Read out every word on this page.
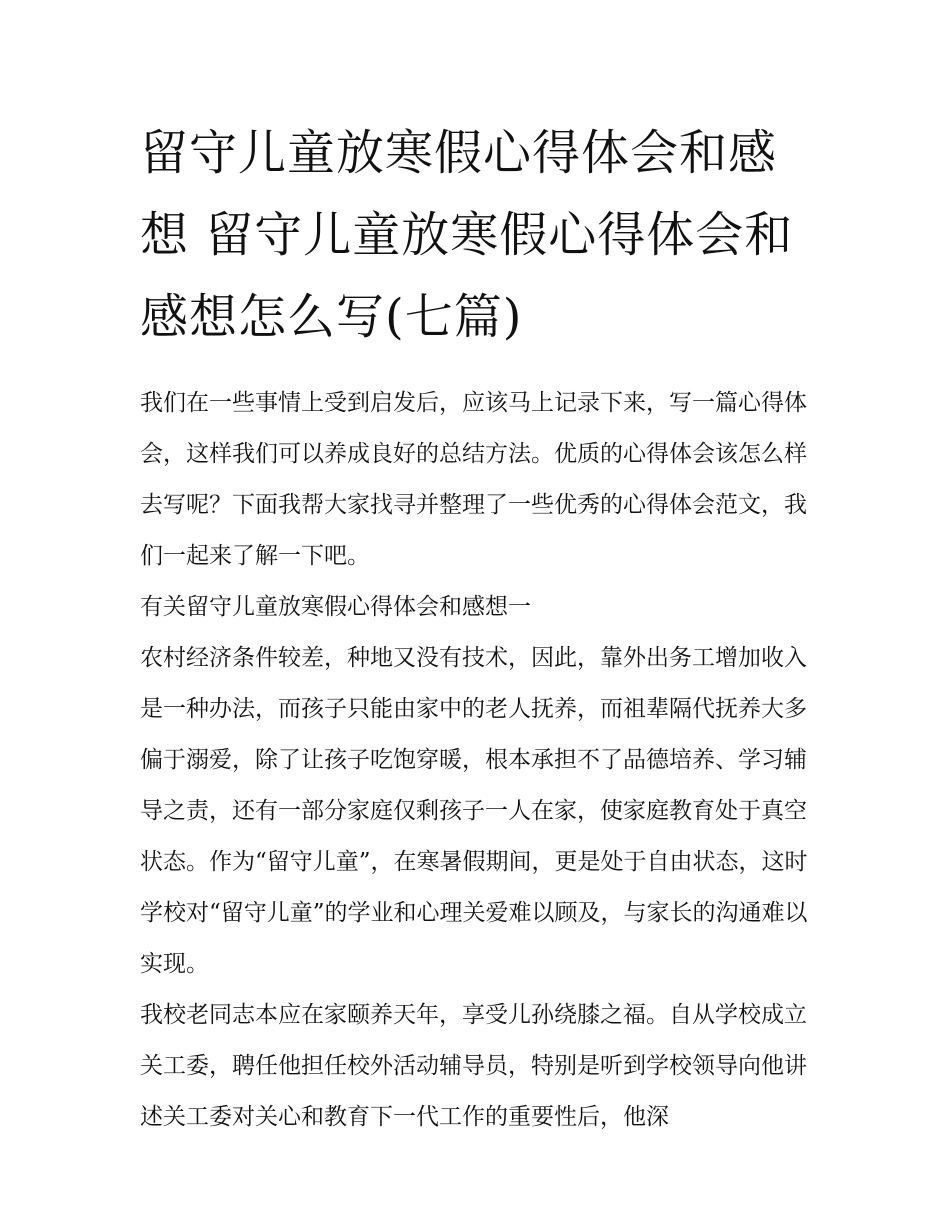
留守儿童放寒假心得体会和感想 留守儿童放寒假心得体会和感想怎么写(七篇)

我们在一些事情上受到启发后，应该马上记录下来，写一篇心得体会，这样我们可以养成良好的总结方法。优质的心得体会该怎么样去写呢？下面我帮大家找寻并整理了一些优秀的心得体会范文，我们一起来了解一下吧。

有关留守儿童放寒假心得体会和感想一

农村经济条件较差，种地又没有技术，因此，靠外出务工增加收入是一种办法，而孩子只能由家中的老人抚养，而祖辈隔代抚养大多偏于溺爱，除了让孩子吃饱穿暖，根本承担不了品德培养、学习辅导之责，还有一部分家庭仅剩孩子一人在家，使家庭教育处于真空状态。作为“留守儿童”，在寒暑假期间，更是处于自由状态，这时学校对“留守儿童”的学业和心理关爱难以顾及，与家长的沟通难以实现。

我校老同志本应在家颐养天年，享受儿孙绕膝之福。自从学校成立关工委，聘任他担任校外活动辅导员，特别是听到学校领导向他讲述关工委对关心和教育下一代工作的重要性后，他深
